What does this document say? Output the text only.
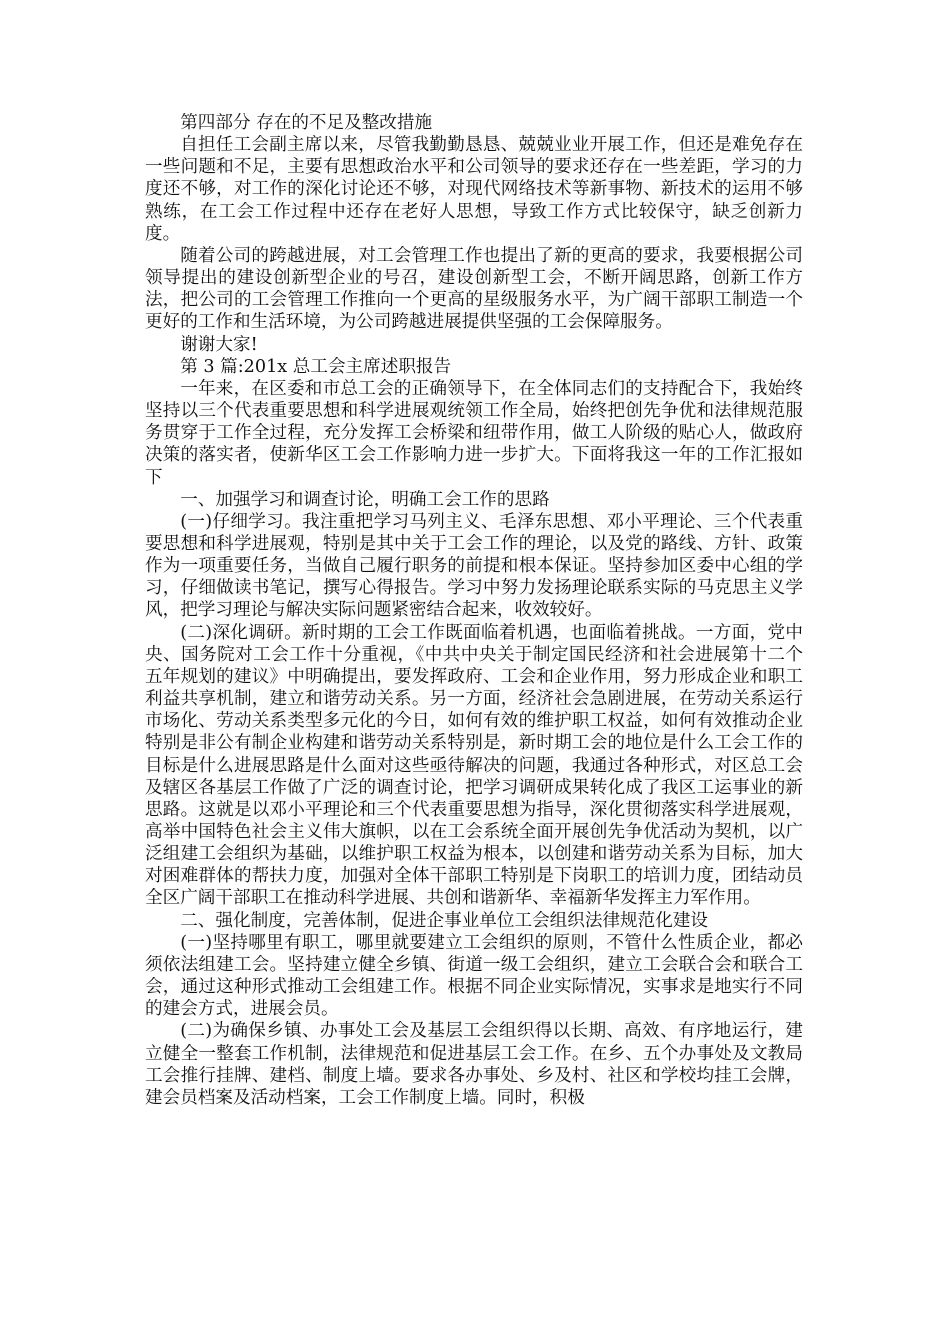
第四部分 存在的不足及整改措施

自担任工会副主席以来，尽管我勤勤恳恳、兢兢业业开展工作，但还是难免存在一些问题和不足，主要有思想政治水平和公司领导的要求还存在一些差距，学习的力度还不够，对工作的深化讨论还不够，对现代网络技术等新事物、新技术的运用不够熟练，在工会工作过程中还存在老好人思想，导致工作方式比较保守，缺乏创新力度。

随着公司的跨越进展，对工会管理工作也提出了新的更高的要求，我要根据公司领导提出的建设创新型企业的号召，建设创新型工会，不断开阔思路，创新工作方法，把公司的工会管理工作推向一个更高的星级服务水平，为广阔干部职工制造一个更好的工作和生活环境，为公司跨越进展提供坚强的工会保障服务。

谢谢大家!

第 3 篇:201x 总工会主席述职报告

一年来，在区委和市总工会的正确领导下，在全体同志们的支持配合下，我始终坚持以三个代表重要思想和科学进展观统领工作全局，始终把创先争优和法律规范服务贯穿于工作全过程，充分发挥工会桥梁和纽带作用，做工人阶级的贴心人，做政府决策的落实者，使新华区工会工作影响力进一步扩大。下面将我这一年的工作汇报如下

一、加强学习和调查讨论，明确工会工作的思路

(一)仔细学习。我注重把学习马列主义、毛泽东思想、邓小平理论、三个代表重要思想和科学进展观，特别是其中关于工会工作的理论，以及党的路线、方针、政策作为一项重要任务，当做自己履行职务的前提和根本保证。坚持参加区委中心组的学习，仔细做读书笔记，撰写心得报告。学习中努力发扬理论联系实际的马克思主义学风，把学习理论与解决实际问题紧密结合起来，收效较好。

(二)深化调研。新时期的工会工作既面临着机遇，也面临着挑战。一方面，党中央、国务院对工会工作十分重视，《中共中央关于制定国民经济和社会进展第十二个五年规划的建议》中明确提出，要发挥政府、工会和企业作用，努力形成企业和职工利益共享机制，建立和谐劳动关系。另一方面，经济社会急剧进展，在劳动关系运行市场化、劳动关系类型多元化的今日，如何有效的维护职工权益，如何有效推动企业特别是非公有制企业构建和谐劳动关系特别是，新时期工会的地位是什么工会工作的目标是什么进展思路是什么面对这些亟待解决的问题，我通过各种形式，对区总工会及辖区各基层工作做了广泛的调查讨论，把学习调研成果转化成了我区工运事业的新思路。这就是以邓小平理论和三个代表重要思想为指导，深化贯彻落实科学进展观，高举中国特色社会主义伟大旗帜，以在工会系统全面开展创先争优活动为契机，以广泛组建工会组织为基础，以维护职工权益为根本，以创建和谐劳动关系为目标，加大对困难群体的帮扶力度，加强对全体干部职工特别是下岗职工的培训力度，团结动员全区广阔干部职工在推动科学进展、共创和谐新华、幸福新华发挥主力军作用。

二、强化制度，完善体制，促进企事业单位工会组织法律规范化建设

(一)坚持哪里有职工，哪里就要建立工会组织的原则，不管什么性质企业，都必须依法组建工会。坚持建立健全乡镇、街道一级工会组织，建立工会联合会和联合工会，通过这种形式推动工会组建工作。根据不同企业实际情况，实事求是地实行不同的建会方式，进展会员。

(二)为确保乡镇、办事处工会及基层工会组织得以长期、高效、有序地运行，建立健全一整套工作机制，法律规范和促进基层工会工作。在乡、五个办事处及文教局工会推行挂牌、建档、制度上墙。要求各办事处、乡及村、社区和学校均挂工会牌，建会员档案及活动档案，工会工作制度上墙。同时，积极
